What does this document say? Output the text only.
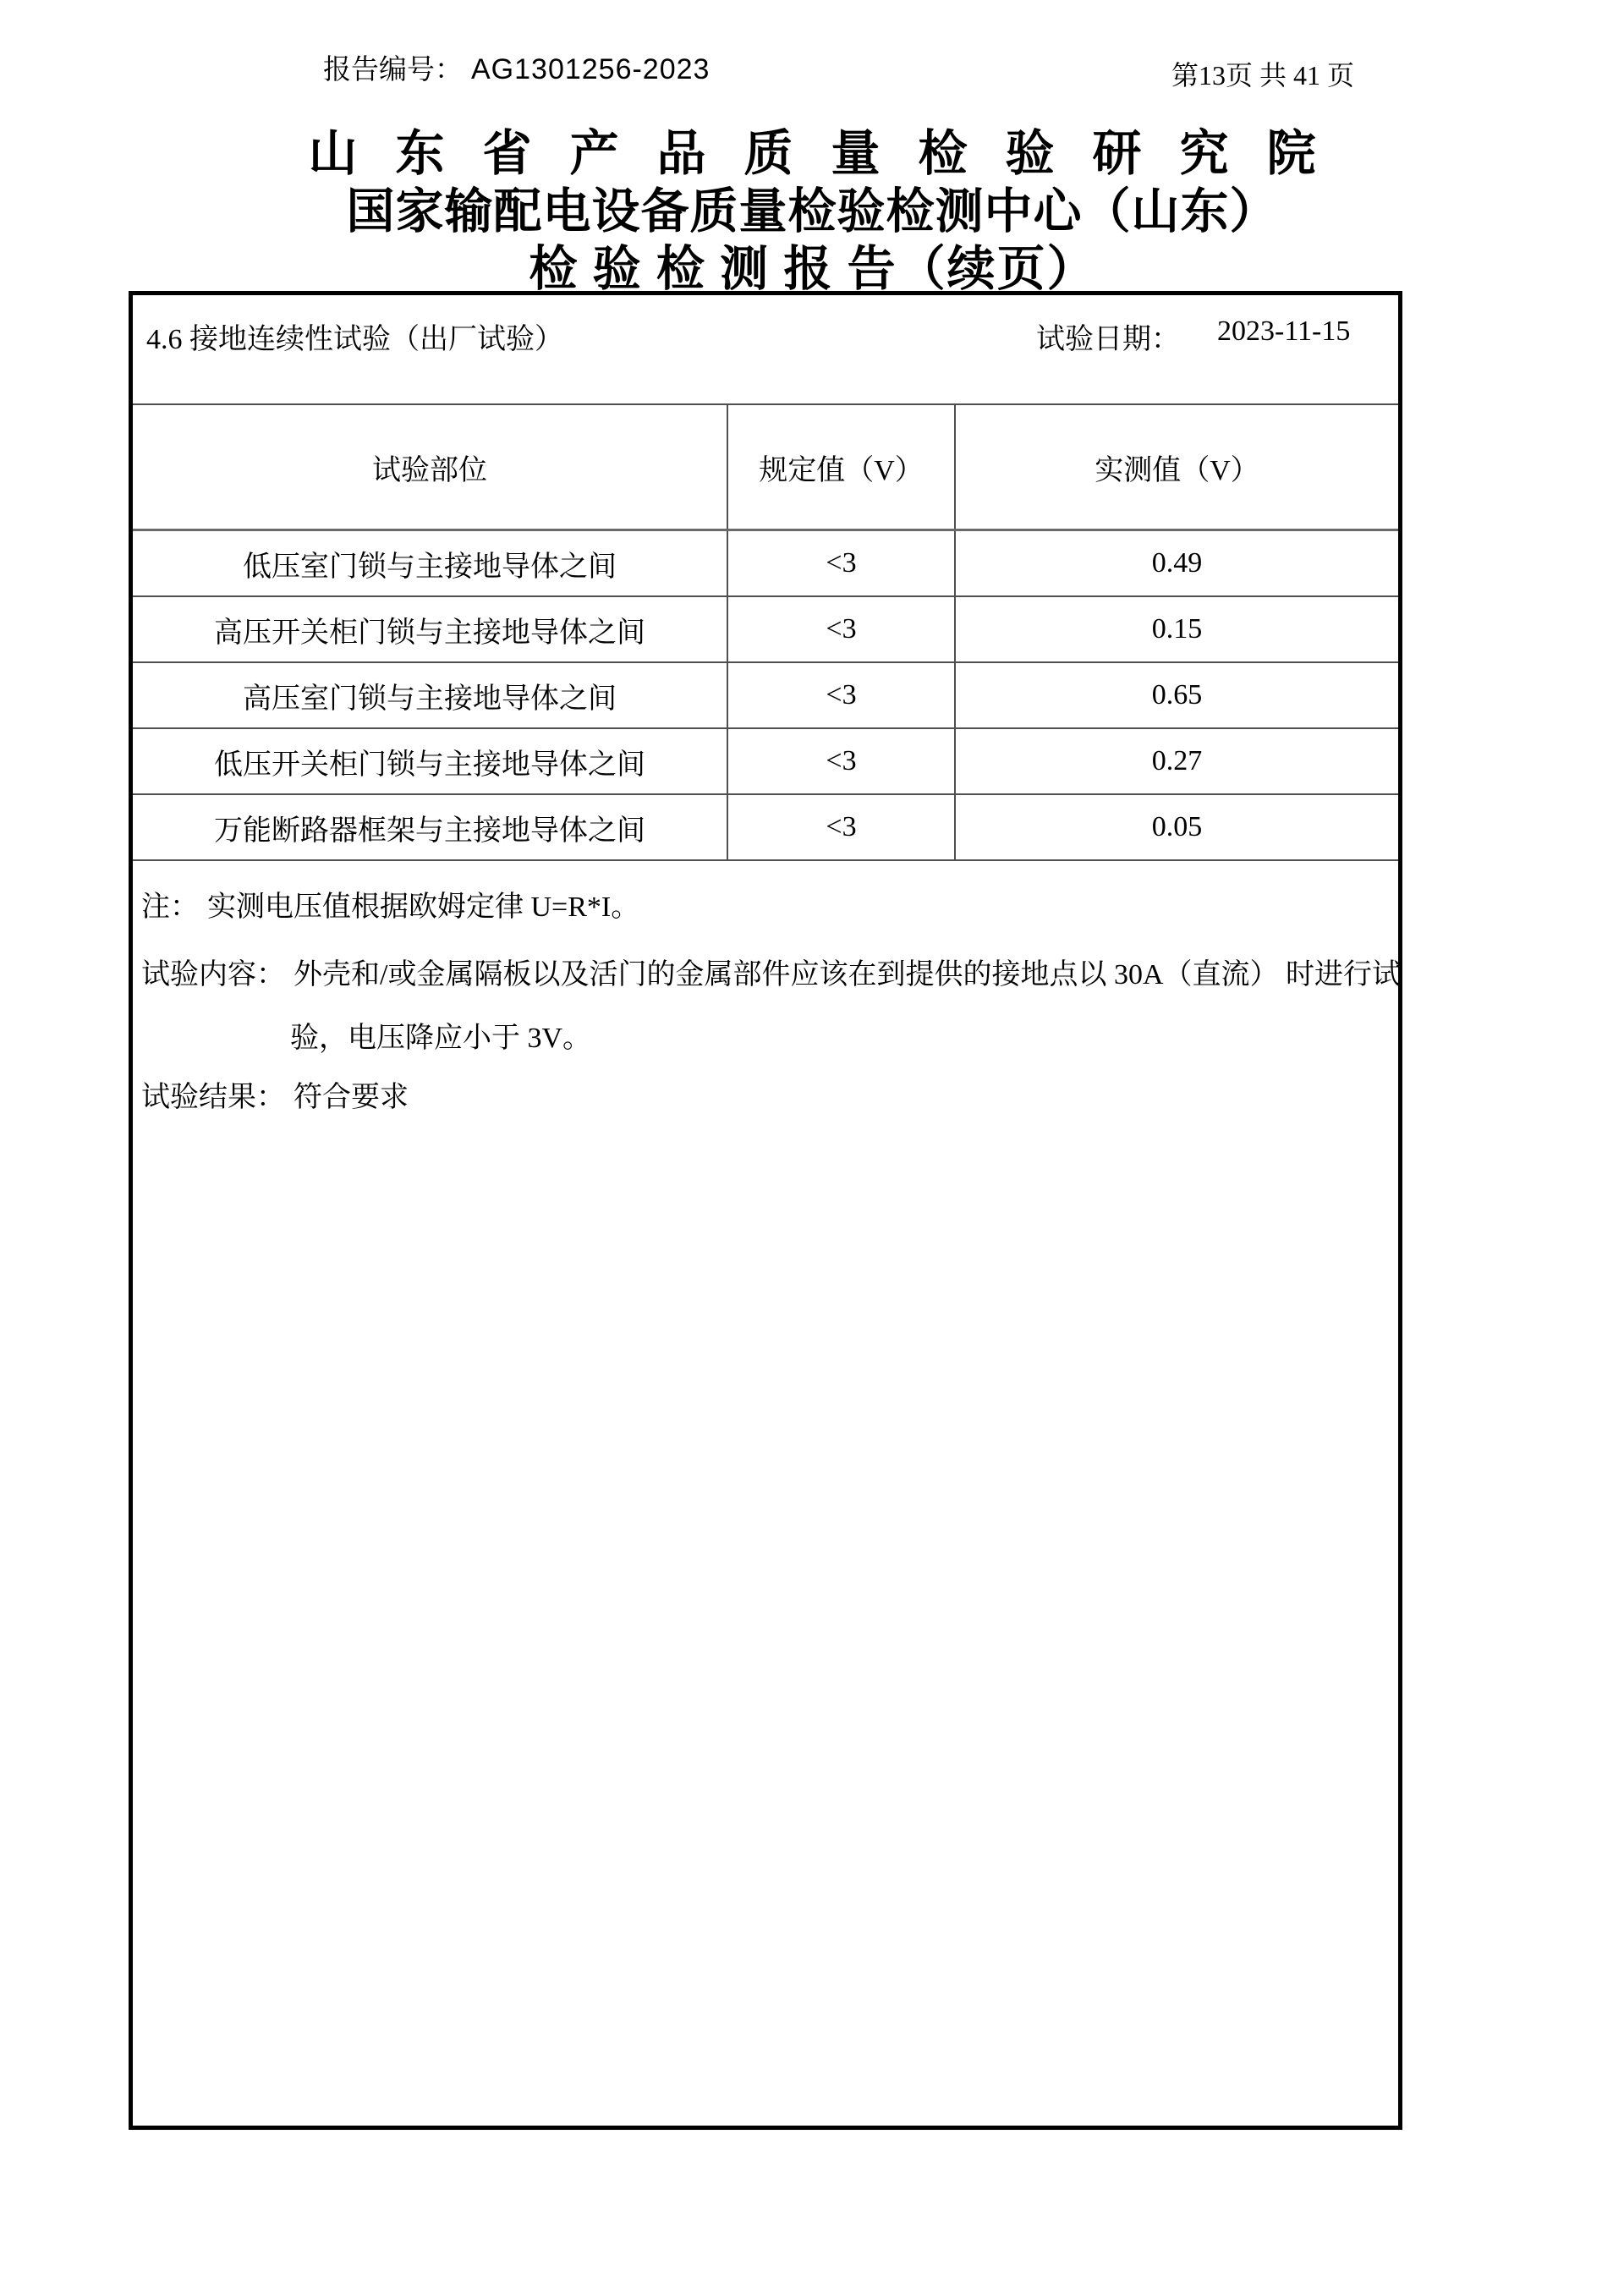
报告编号： AG1301256-2023	第13页 共 41 页
山东省产品质量检验研究院
国家输配电设备质量检验检测中心（山东）
检 验 检 测 报 告（续页）
4.6 接地连续性试验（出厂试验）	试验日期： 2023-11-15
试验部位	规定值（V）	实测值（V）
低压室门锁与主接地导体之间	<3	0.49
高压开关柜门锁与主接地导体之间	<3	0.15
高压室门锁与主接地导体之间	<3	0.65
低压开关柜门锁与主接地导体之间	<3	0.27
万能断路器框架与主接地导体之间	<3	0.05
注： 实测电压值根据欧姆定律 U=R*I。
试验内容： 外壳和/或金属隔板以及活门的金属部件应该在到提供的接地点以 30A（直流） 时进行试
验，电压降应小于 3V。
试验结果： 符合要求
